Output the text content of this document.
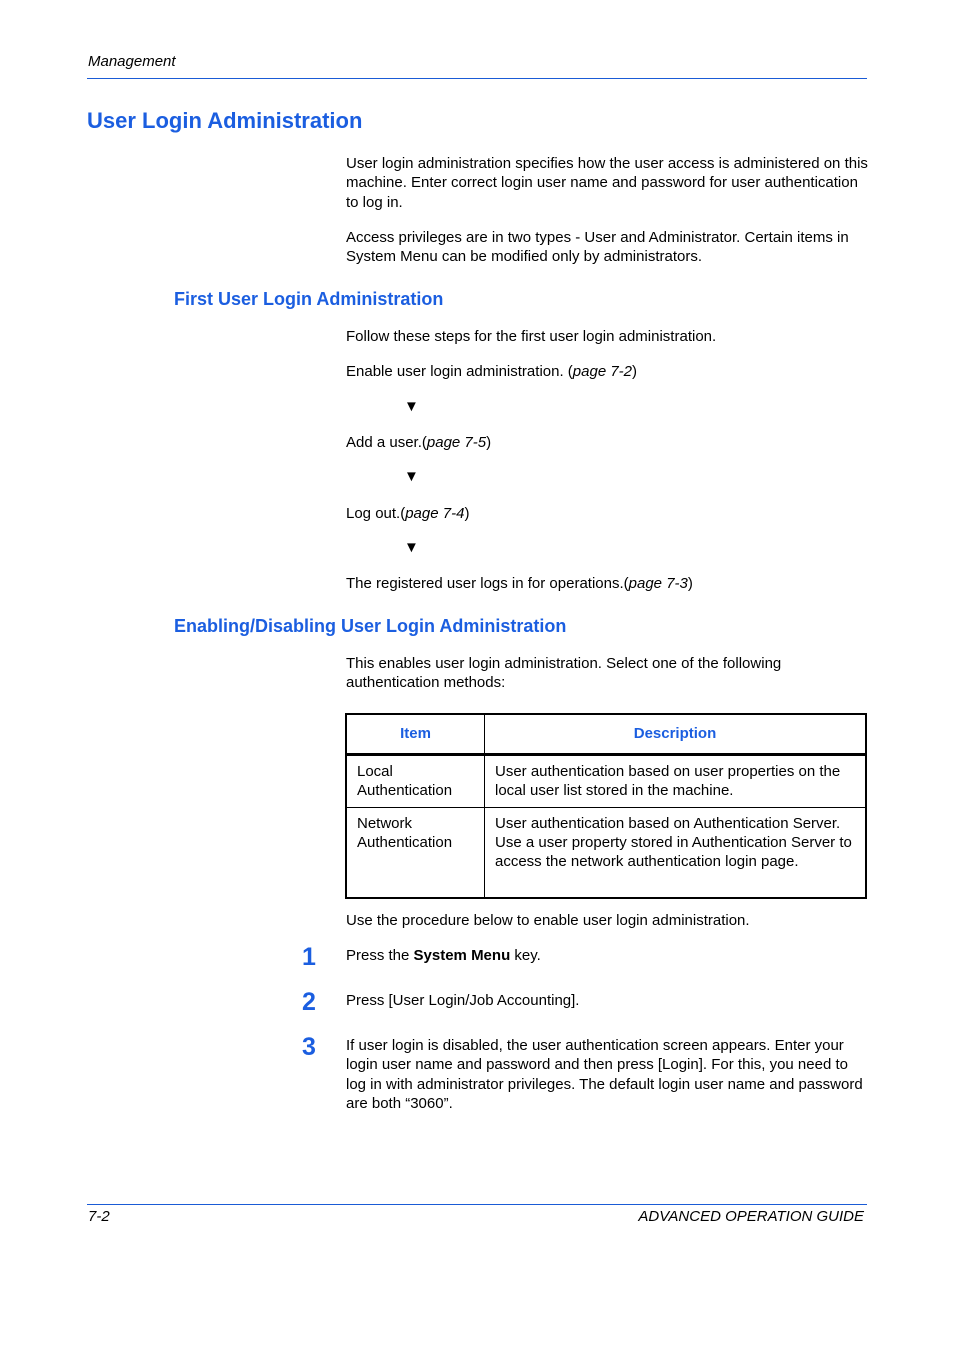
Management
User Login Administration
User login administration specifies how the user access is administered on this machine. Enter correct login user name and password for user authentication to log in.
Access privileges are in two types - User and Administrator. Certain items in System Menu can be modified only by administrators.
First User Login Administration
Follow these steps for the first user login administration.
Enable user login administration. (page 7-2)
▼
Add a user.(page 7-5)
▼
Log out.(page 7-4)
▼
The registered user logs in for operations.(page 7-3)
Enabling/Disabling User Login Administration
This enables user login administration. Select one of the following authentication methods:
Item	Description
Local Authentication	User authentication based on user properties on the local user list stored in the machine.
Network Authentication	User authentication based on Authentication Server. Use a user property stored in Authentication Server to access the network authentication login page.
Use the procedure below to enable user login administration.
1 Press the System Menu key.
2 Press [User Login/Job Accounting].
3 If user login is disabled, the user authentication screen appears. Enter your login user name and password and then press [Login]. For this, you need to log in with administrator privileges. The default login user name and password are both “3060”.
7-2	ADVANCED OPERATION GUIDE
